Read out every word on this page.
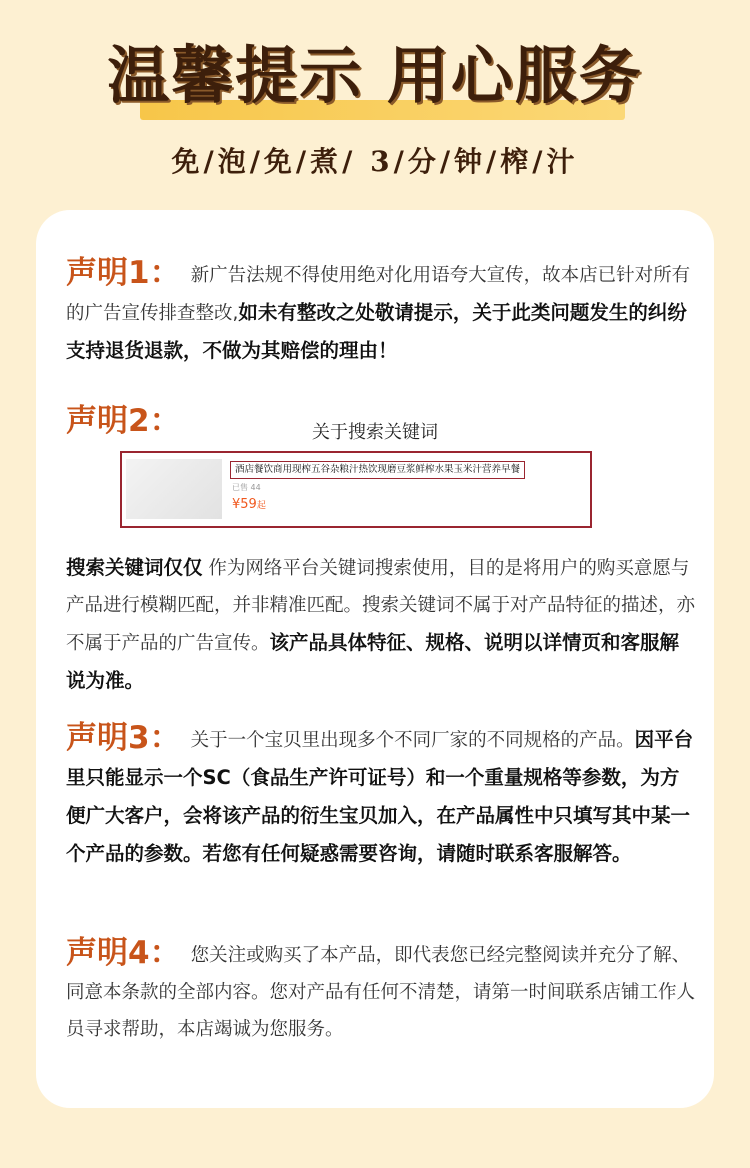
温馨提示 用心服务
免/泡/免/煮/ 3/分/钟/榨/汁

声明1： 新广告法规不得使用绝对化用语夸大宣传，故本店已针对所有的广告宣传排查整改,如未有整改之处敬请提示，关于此类问题发生的纠纷支持退货退款，不做为其赔偿的理由！

声明2：	关于搜索关键词
酒店餐饮商用现榨五谷杂粮汁热饮现磨豆浆鲜榨水果玉米汁营养早餐
已售 44
¥59起

搜索关键词仅仅 作为网络平台关键词搜索使用，目的是将用户的购买意愿与产品进行模糊匹配，并非精准匹配。搜索关键词不属于对产品特征的描述，亦不属于产品的广告宣传。该产品具体特征、规格、说明以详情页和客服解说为准。

声明3： 关于一个宝贝里出现多个不同厂家的不同规格的产品。因平台里只能显示一个SC（食品生产许可证号）和一个重量规格等参数，为方便广大客户，会将该产品的衍生宝贝加入，在产品属性中只填写其中某一个产品的参数。若您有任何疑惑需要咨询，请随时联系客服解答。

声明4： 您关注或购买了本产品，即代表您已经完整阅读并充分了解、同意本条款的全部内容。您对产品有任何不清楚，请第一时间联系店铺工作人员寻求帮助，本店竭诚为您服务。
